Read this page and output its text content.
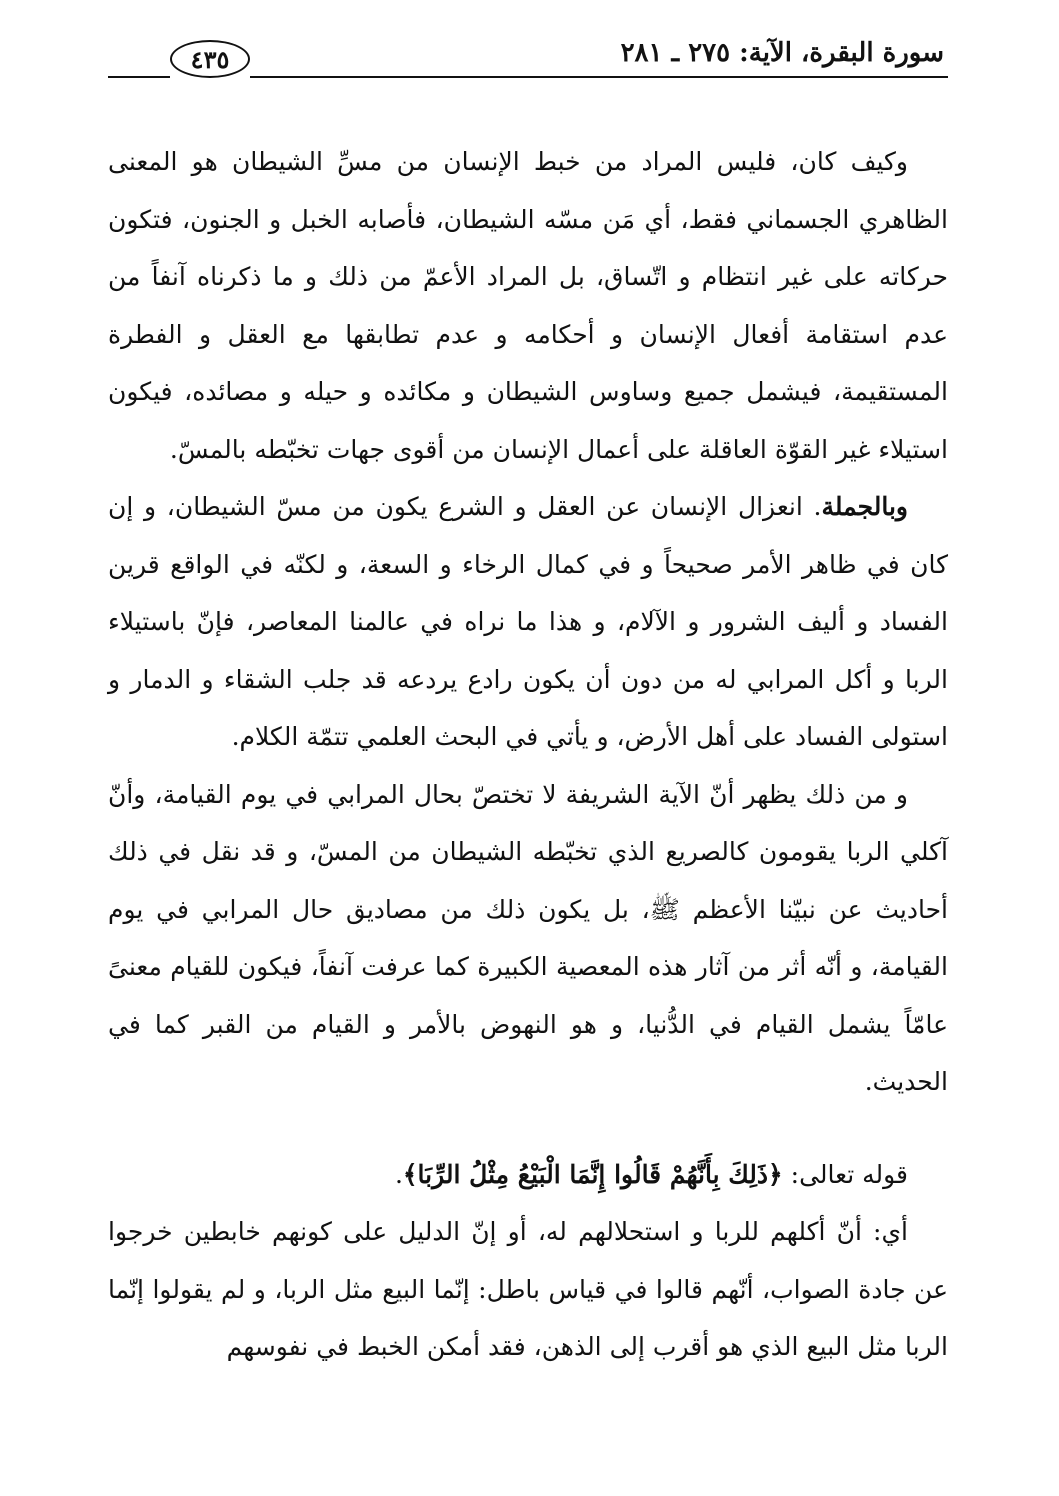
سورة البقرة، الآية: ٢٧٥ ـ ٢٨١
٤٣٥

وكيف كان، فليس المراد من خبط الإنسان من مسِّ الشيطان هو المعنى الظاهري الجسماني فقط، أي مَن مسّه الشيطان، فأصابه الخبل و الجنون، فتكون حركاته على غير انتظام و اتّساق، بل المراد الأعمّ من ذلك و ما ذكرناه آنفاً من عدم استقامة أفعال الإنسان و أحكامه و عدم تطابقها مع العقل و الفطرة المستقيمة، فيشمل جميع وساوس الشيطان و مكائده و حيله و مصائده، فيكون استيلاء غير القوّة العاقلة على أعمال الإنسان من أقوى جهات تخبّطه بالمسّ.

وبالجملة. انعزال الإنسان عن العقل و الشرع يكون من مسّ الشيطان، و إن كان في ظاهر الأمر صحيحاً و في كمال الرخاء و السعة، و لكنّه في الواقع قرين الفساد و أليف الشرور و الآلام، و هذا ما نراه في عالمنا المعاصر، فإنّ باستيلاء الربا و أكل المرابي له من دون أن يكون رادع يردعه قد جلب الشقاء و الدمار و استولى الفساد على أهل الأرض، و يأتي في البحث العلمي تتمّة الكلام.

و من ذلك يظهر أنّ الآية الشريفة لا تختصّ بحال المرابي في يوم القيامة، وأنّ آكلي الربا يقومون كالصريع الذي تخبّطه الشيطان من المسّ، و قد نقل في ذلك أحاديث عن نبيّنا الأعظم ﷺ، بل يكون ذلك من مصاديق حال المرابي في يوم القيامة، و أنّه أثر من آثار هذه المعصية الكبيرة كما عرفت آنفاً، فيكون للقيام معنىً عامّاً يشمل القيام في الدُّنيا، و هو النهوض بالأمر و القيام من القبر كما في الحديث.

قوله تعالى: ﴿ذَلِكَ بِأَنَّهُمْ قَالُوا إِنَّمَا الْبَيْعُ مِثْلُ الرِّبَا﴾.

أي: أنّ أكلهم للربا و استحلالهم له، أو إنّ الدليل على كونهم خابطين خرجوا عن جادة الصواب، أنّهم قالوا في قياس باطل: إنّما البيع مثل الربا، و لم يقولوا إنّما الربا مثل البيع الذي هو أقرب إلى الذهن، فقد أمكن الخبط في نفوسهم
